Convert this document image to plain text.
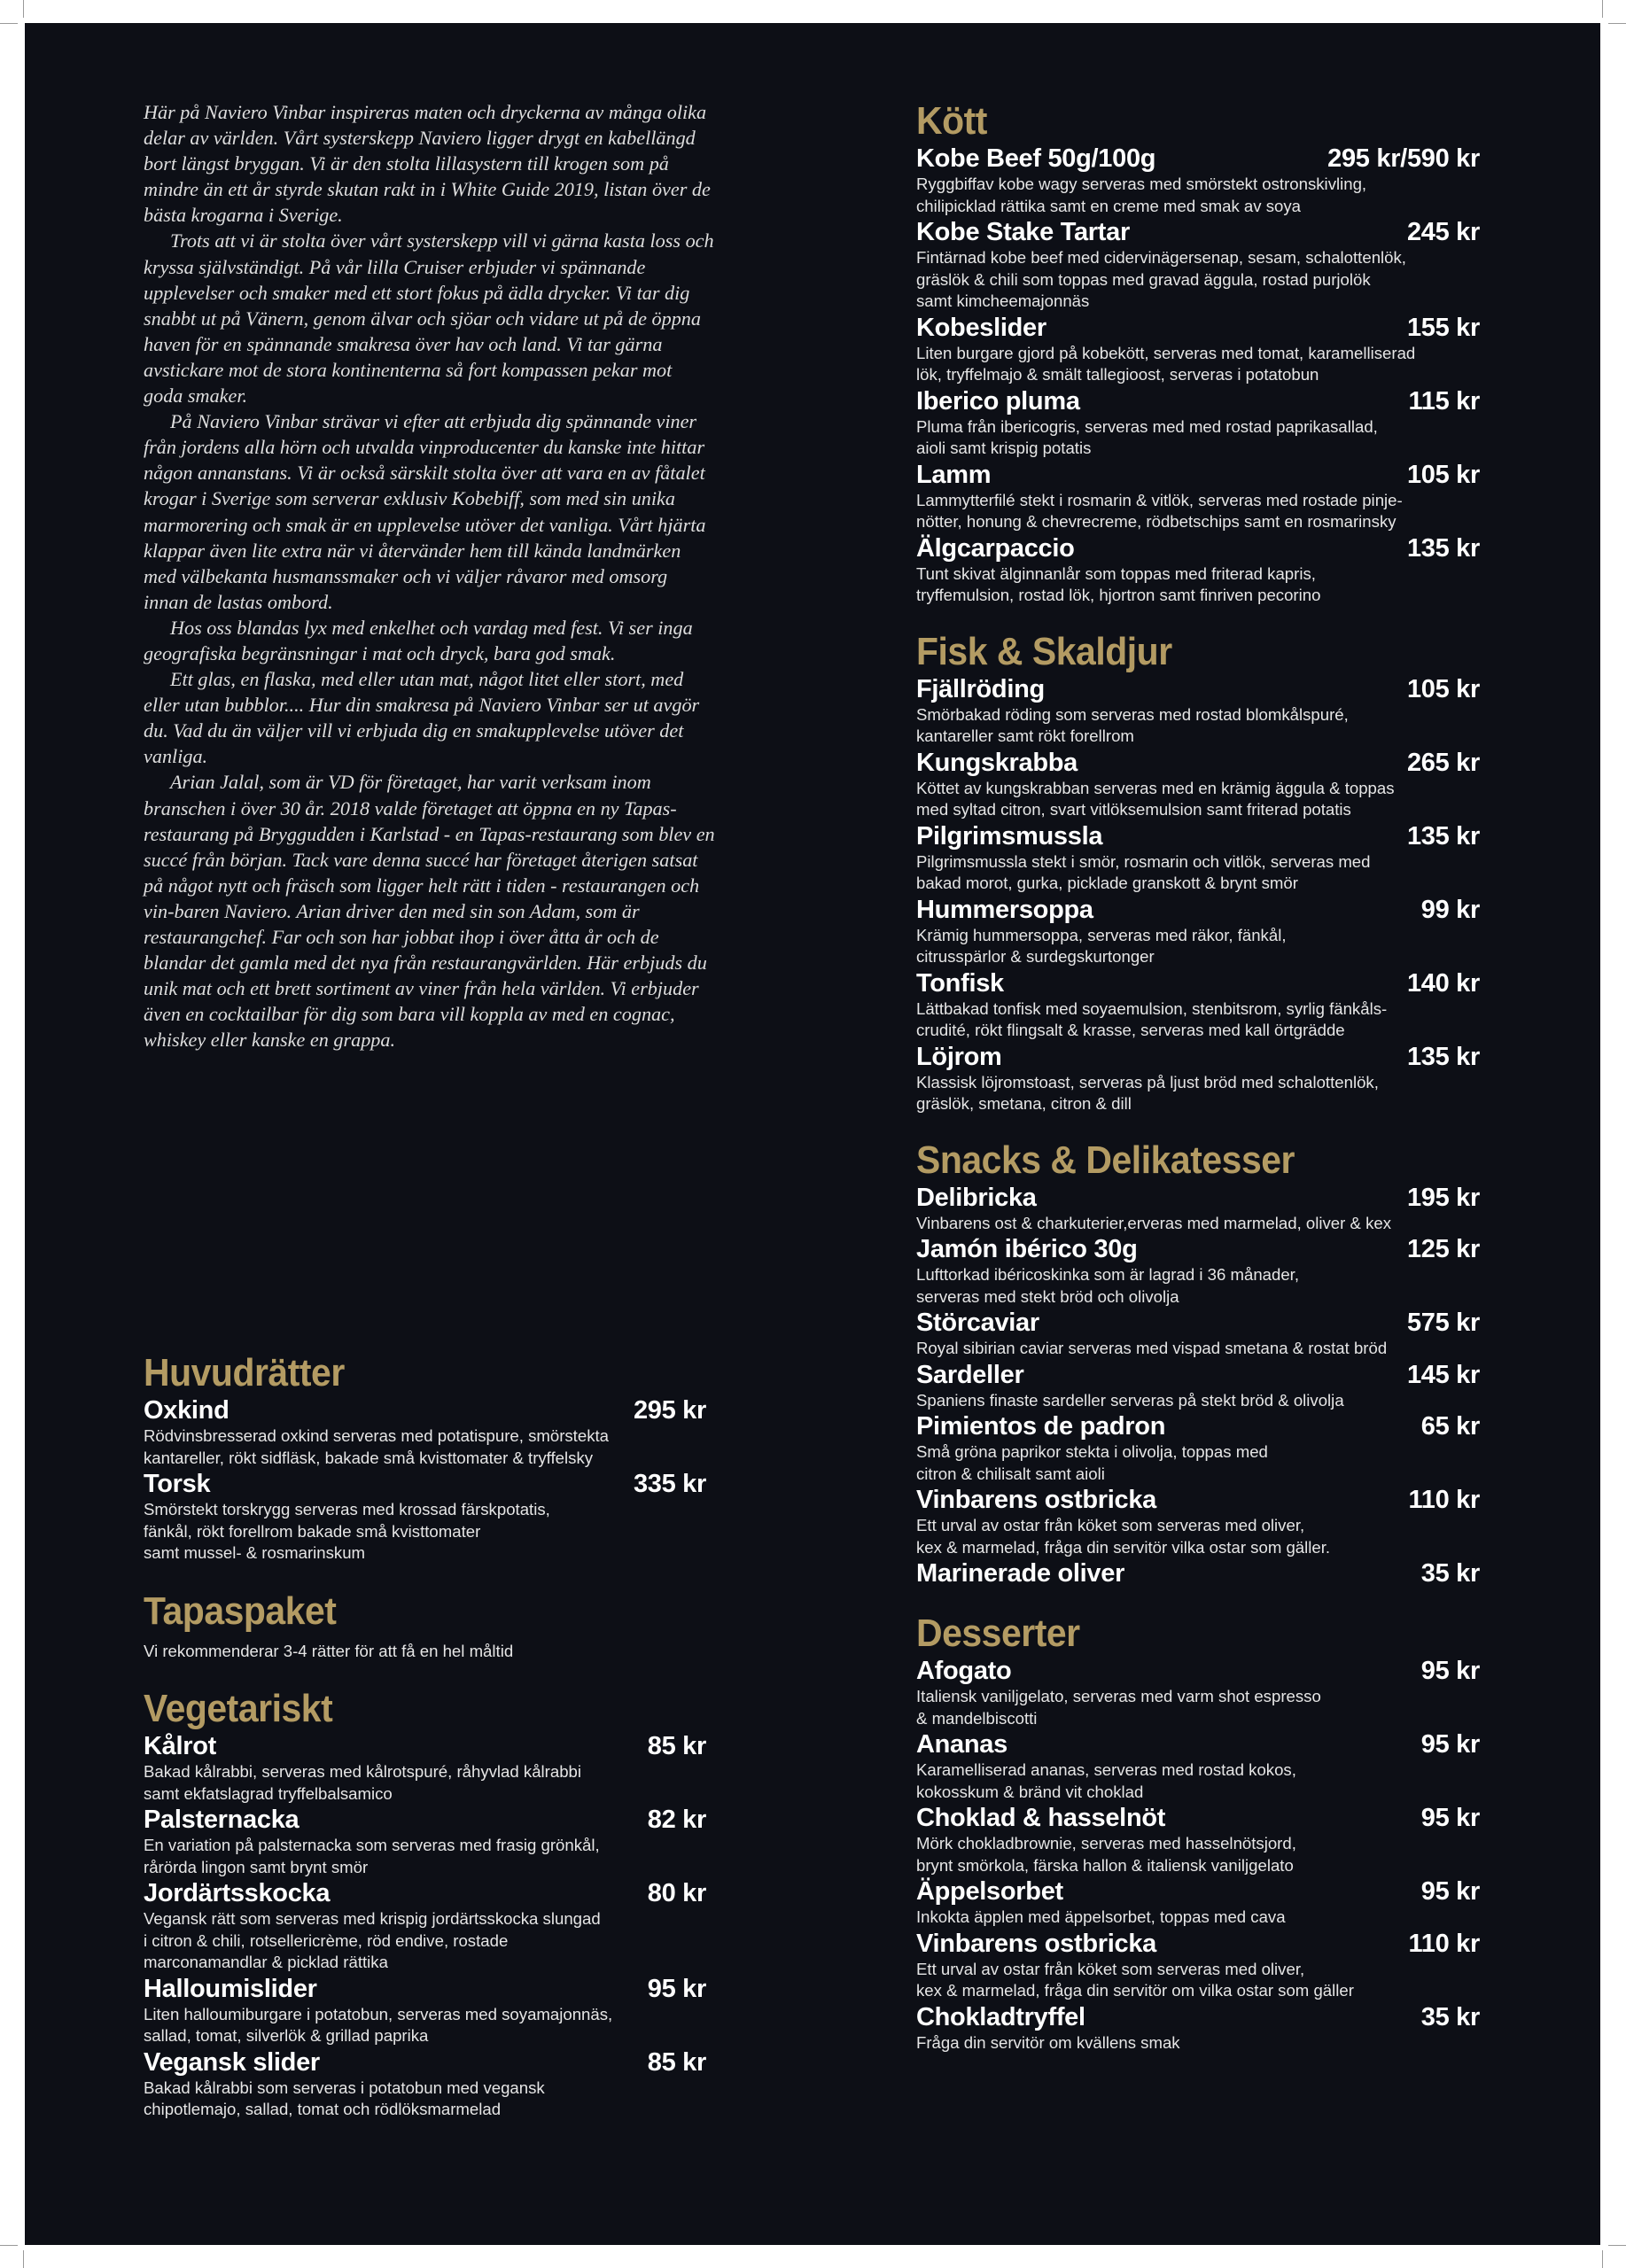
Här på Naviero Vinbar inspireras maten och dryckerna av många olika delar av världen. Vårt systerskepp Naviero ligger drygt en kabellängd bort längst bryggan. Vi är den stolta lillasystern till krogen som på mindre än ett år styrde skutan rakt in i White Guide 2019, listan över de bästa krogarna i Sverige.

Trots att vi är stolta över vårt systerskepp vill vi gärna kasta loss och kryssa självständigt. På vår lilla Cruiser erbjuder vi spännande upplevelser och smaker med ett stort fokus på ädla drycker. Vi tar dig snabbt ut på Vänern, genom älvar och sjöar och vidare ut på de öppna haven för en spännande smakresa över hav och land. Vi tar gärna avstickare mot de stora kontinenterna så fort kompassen pekar mot goda smaker.

På Naviero Vinbar strävar vi efter att erbjuda dig spännande viner från jordens alla hörn och utvalda vinproducenter du kanske inte hittar någon annanstans. Vi är också särskilt stolta över att vara en av fåtalet krogar i Sverige som serverar exklusiv Kobebiff, som med sin unika marmorering och smak är en upplevelse utöver det vanliga. Vårt hjärta klappar även lite extra när vi återvänder hem till kända landmärken med välbekanta husmanssmaker och vi väljer råvaror med omsorg innan de lastas ombord.

Hos oss blandas lyx med enkelhet och vardag med fest. Vi ser inga geografiska begränsningar i mat och dryck, bara god smak.

Ett glas, en flaska, med eller utan mat, något litet eller stort, med eller utan bubblor.... Hur din smakresa på Naviero Vinbar ser ut avgör du. Vad du än väljer vill vi erbjuda dig en smakupplevelse utöver det vanliga.

Arian Jalal, som är VD för företaget, har varit verksam inom branschen i över 30 år. 2018 valde företaget att öppna en ny Tapas-restaurang på Bryggudden i Karlstad - en Tapas-restaurang som blev en succé från början. Tack vare denna succé har företaget återigen satsat på något nytt och fräsch som ligger helt rätt i tiden - restaurangen och vin-baren Naviero. Arian driver den med sin son Adam, som är restaurangchef. Far och son har jobbat ihop i över åtta år och de blandar det gamla med det nya från restaurangvärlden. Här erbjuds du unik mat och ett brett sortiment av viner från hela världen. Vi erbjuder även en cocktailbar för dig som bara vill koppla av med en cognac, whiskey eller kanske en grappa.

Huvudrätter
Oxkind	295 kr
Rödvinsbresserad oxkind serveras med potatispure, smörstekta
kantareller, rökt sidfläsk, bakade små kvisttomater & tryffelsky
Torsk	335 kr
Smörstekt torskrygg serveras med krossad färskpotatis,
fänkål, rökt forellrom bakade små kvisttomater
samt mussel- & rosmarinskum
Tapaspaket
Vi rekommenderar 3-4 rätter för att få en hel måltid
Vegetariskt
Kålrot	85 kr
Bakad kålrabbi, serveras med kålrotspuré, råhyvlad kålrabbi
samt ekfatslagrad tryffelbalsamico
Palsternacka	82 kr
En variation på palsternacka som serveras med frasig grönkål,
rårörda lingon samt brynt smör
Jordärtsskocka	80 kr
Vegansk rätt som serveras med krispig jordärtsskocka slungad
i citron & chili, rotsellericrème, röd endive, rostade
marconamandlar & picklad rättika
Halloumislider	95 kr
Liten halloumiburgare i potatobun, serveras med soyamajonnäs,
sallad, tomat, silverlök & grillad paprika
Vegansk slider	85 kr
Bakad kålrabbi som serveras i potatobun med vegansk
chipotlemajo, sallad, tomat och rödlöksmarmelad
Kött
Kobe Beef 50g/100g	295 kr/590 kr
Ryggbiffav kobe wagy serveras med smörstekt ostronskivling,
chilipicklad rättika samt en creme med smak av soya
Kobe Stake Tartar	245 kr
Fintärnad kobe beef med cidervinägersenap, sesam, schalottenlök,
gräslök & chili som toppas med gravad äggula, rostad purjolök
samt kimcheemajonnäs
Kobeslider	155 kr
Liten burgare gjord på kobekött, serveras med tomat, karamelliserad
lök, tryffelmajo & smält tallegioost, serveras i potatobun
Iberico pluma	115 kr
Pluma från ibericogris, serveras med med rostad paprikasallad,
aioli samt krispig potatis
Lamm	105 kr
Lammytterfilé stekt i rosmarin & vitlök, serveras med rostade pinje-
nötter, honung & chevrecreme, rödbetschips samt en rosmarinsky
Älgcarpaccio	135 kr
Tunt skivat älginnanlår som toppas med friterad kapris,
tryffemulsion, rostad lök, hjortron samt finriven pecorino
Fisk & Skaldjur
Fjällröding	105 kr
Smörbakad röding som serveras med rostad blomkålspuré,
kantareller samt rökt forellrom
Kungskrabba	265 kr
Köttet av kungskrabban serveras med en krämig äggula & toppas
med syltad citron, svart vitlöksemulsion samt friterad potatis
Pilgrimsmussla	135 kr
Pilgrimsmussla stekt i smör, rosmarin och vitlök, serveras med
bakad morot, gurka, picklade granskott & brynt smör
Hummersoppa	99 kr
Krämig hummersoppa, serveras med räkor, fänkål,
citrusspärlor & surdegskurtonger
Tonfisk	140 kr
Lättbakad tonfisk med soyaemulsion, stenbitsrom, syrlig fänkåls-
crudité, rökt flingsalt & krasse, serveras med kall örtgrädde
Löjrom	135 kr
Klassisk löjromstoast, serveras på ljust bröd med schalottenlök,
gräslök, smetana, citron & dill
Snacks & Delikatesser
Delibricka	195 kr
Vinbarens ost & charkuterier,erveras med marmelad, oliver & kex
Jamón ibérico 30g	125 kr
Lufttorkad ibéricoskinka som är lagrad i 36 månader,
serveras med stekt bröd och olivolja
Störcaviar	575 kr
Royal sibirian caviar serveras med vispad smetana & rostat bröd
Sardeller	145 kr
Spaniens finaste sardeller serveras på stekt bröd & olivolja
Pimientos de padron	65 kr
Små gröna paprikor stekta i olivolja, toppas med
citron & chilisalt samt aioli
Vinbarens ostbricka	110 kr
Ett urval av ostar från köket som serveras med oliver,
kex & marmelad, fråga din servitör vilka ostar som gäller.
Marinerade oliver	35 kr
Desserter
Afogato	95 kr
Italiensk vaniljgelato, serveras med varm shot espresso
& mandelbiscotti
Ananas	95 kr
Karamelliserad ananas, serveras med rostad kokos,
kokosskum & bränd vit choklad
Choklad & hasselnöt	95 kr
Mörk chokladbrownie, serveras med hasselnötsjord,
brynt smörkola, färska hallon & italiensk vaniljgelato
Äppelsorbet	95 kr
Inkokta äpplen med äppelsorbet, toppas med cava
Vinbarens ostbricka	110 kr
Ett urval av ostar från köket som serveras med oliver,
kex & marmelad, fråga din servitör om vilka ostar som gäller
Chokladtryffel	35 kr
Fråga din servitör om kvällens smak
